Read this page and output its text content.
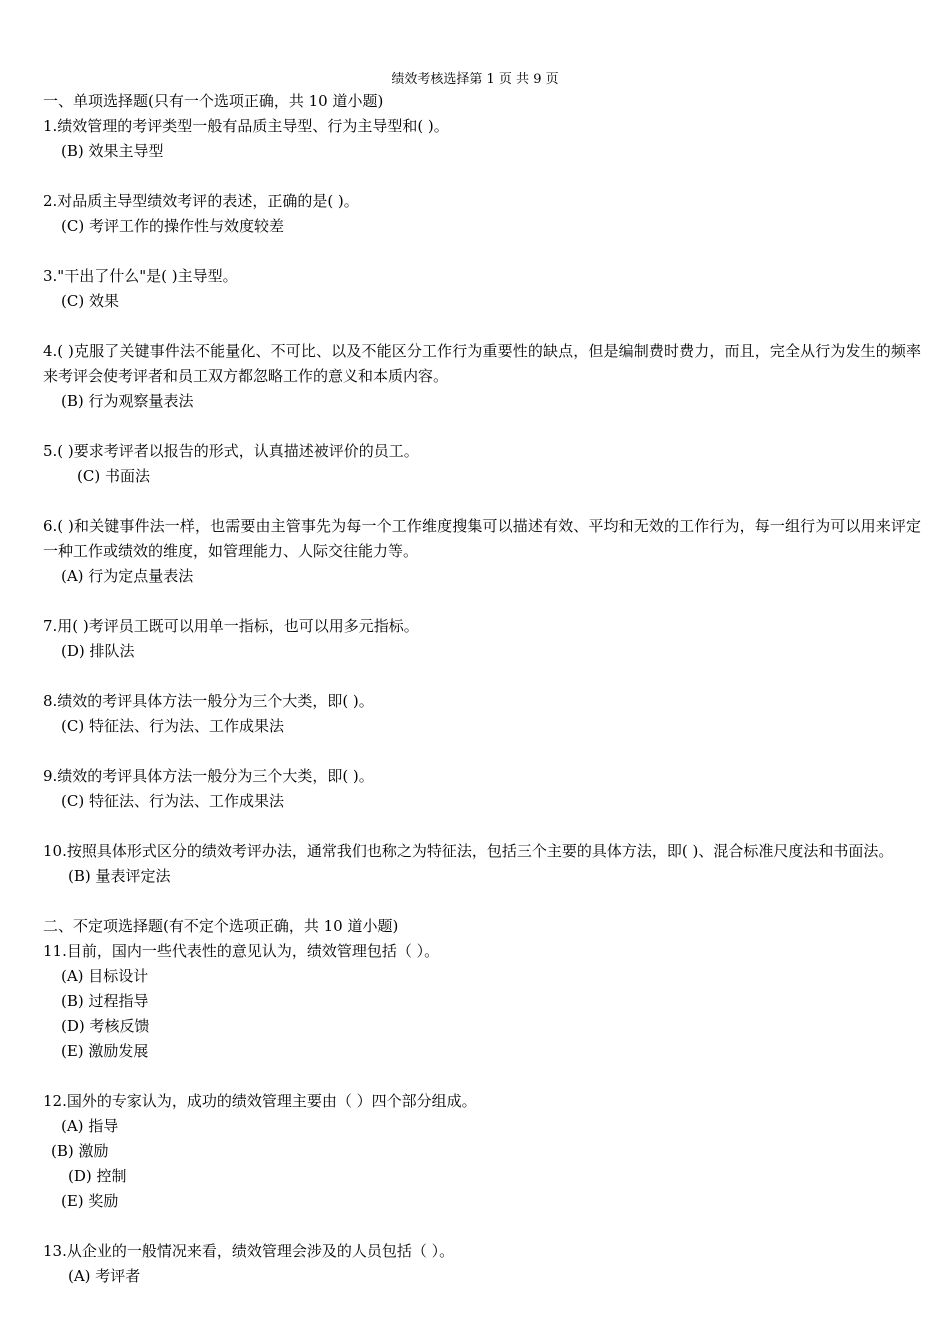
绩效考核选择第 1 页 共 9 页
一、单项选择题(只有一个选项正确，共 10 道小题)
1.绩效管理的考评类型一般有品质主导型、行为主导型和( )。
(B) 效果主导型
2.对品质主导型绩效考评的表述，正确的是( )。
(C) 考评工作的操作性与效度较差
3."干出了什么"是( )主导型。
(C) 效果
4.( )克服了关键事件法不能量化、不可比、以及不能区分工作行为重要性的缺点，但是编制费时费力，而且，完全从行为发生的频率来考评会使考评者和员工双方都忽略工作的意义和本质内容。
(B) 行为观察量表法
5.( )要求考评者以报告的形式，认真描述被评价的员工。
(C) 书面法
6.( )和关键事件法一样，也需要由主管事先为每一个工作维度搜集可以描述有效、平均和无效的工作行为，每一组行为可以用来评定一种工作或绩效的维度，如管理能力、人际交往能力等。
(A) 行为定点量表法
7.用( )考评员工既可以用单一指标，也可以用多元指标。
(D) 排队法
8.绩效的考评具体方法一般分为三个大类，即( )。
(C) 特征法、行为法、工作成果法
9.绩效的考评具体方法一般分为三个大类，即( )。
(C) 特征法、行为法、工作成果法
10.按照具体形式区分的绩效考评办法，通常我们也称之为特征法，包括三个主要的具体方法，即( )、混合标准尺度法和书面法。
(B) 量表评定法
二、不定项选择题(有不定个选项正确，共 10 道小题)
11.目前，国内一些代表性的意见认为，绩效管理包括（ ）。
(A) 目标设计
(B) 过程指导
(D) 考核反馈
(E) 激励发展
12.国外的专家认为，成功的绩效管理主要由（ ）四个部分组成。
(A) 指导
(B) 激励
(D) 控制
(E) 奖励
13.从企业的一般情况来看，绩效管理会涉及的人员包括（ ）。
(A) 考评者
